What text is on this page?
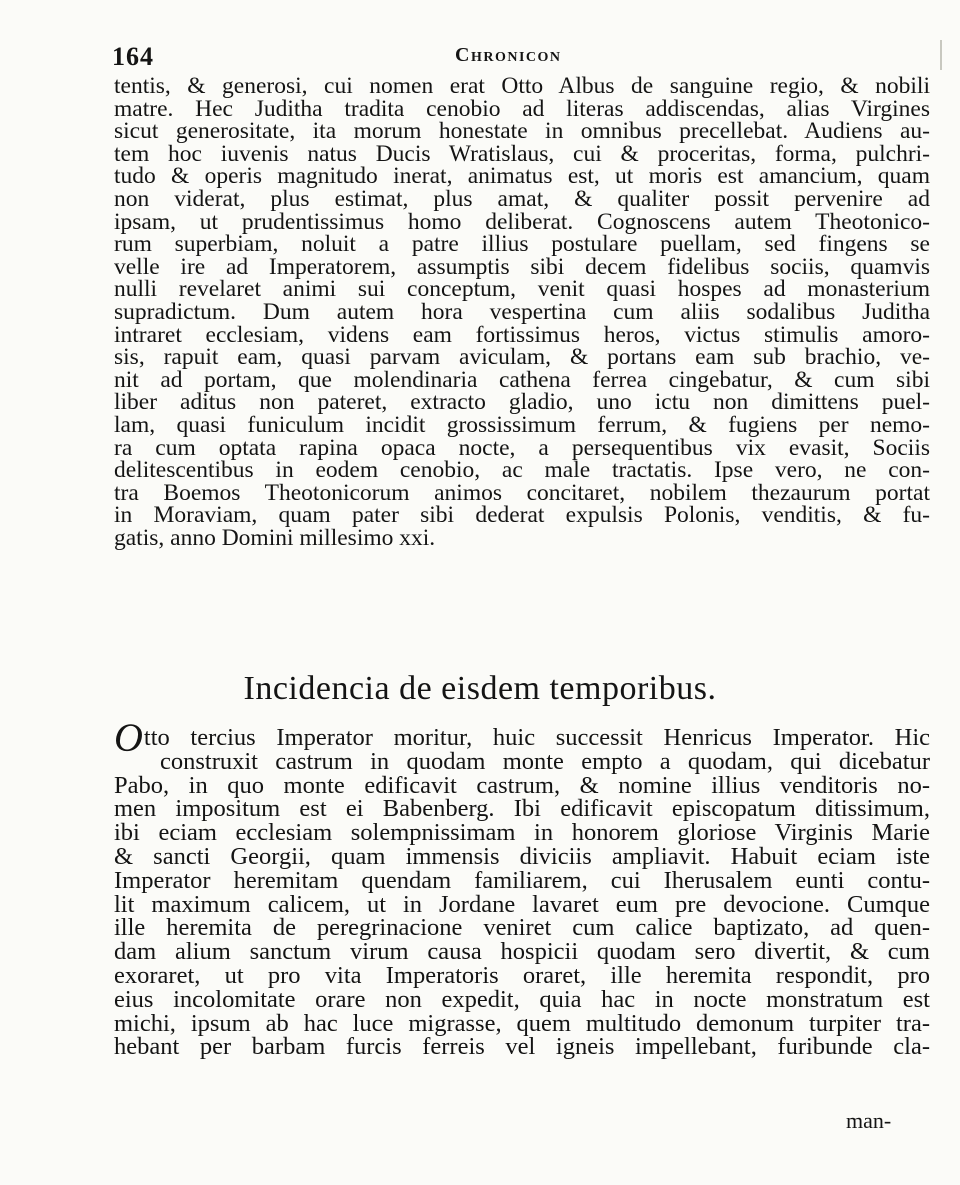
164	Chronicon
tentis, & generosi, cui nomen erat Otto Albus de sanguine regio, & nobili
matre. Hec Juditha tradita cenobio ad literas addiscendas, alias Virgines
sicut generositate, ita morum honestate in omnibus precellebat. Audiens au-
tem hoc iuvenis natus Ducis Wratislaus, cui & proceritas, forma, pulchri-
tudo & operis magnitudo inerat, animatus est, ut moris est amancium, quam
non viderat, plus estimat, plus amat, & qualiter possit pervenire ad
ipsam, ut prudentissimus homo deliberat. Cognoscens autem Theotonico-
rum superbiam, noluit a patre illius postulare puellam, sed fingens se
velle ire ad Imperatorem, assumptis sibi decem fidelibus sociis, quamvis
nulli revelaret animi sui conceptum, venit quasi hospes ad monasterium
supradictum. Dum autem hora vespertina cum aliis sodalibus Juditha
intraret ecclesiam, videns eam fortissimus heros, victus stimulis amoro-
sis, rapuit eam, quasi parvam aviculam, & portans eam sub brachio, ve-
nit ad portam, que molendinaria cathena ferrea cingebatur, & cum sibi
liber aditus non pateret, extracto gladio, uno ictu non dimittens puel-
lam, quasi funiculum incidit grossissimum ferrum, & fugiens per nemo-
ra cum optata rapina opaca nocte, a persequentibus vix evasit, Sociis
delitescentibus in eodem cenobio, ac male tractatis. Ipse vero, ne con-
tra Boemos Theotonicorum animos concitaret, nobilem thezaurum portat
in Moraviam, quam pater sibi dederat expulsis Polonis, venditis, & fu-
gatis, anno Domini millesimo xxi.
Incidencia de eisdem temporibus.
Otto tercius Imperator moritur, huic successit Henricus Imperator. Hic
construxit castrum in quodam monte empto a quodam, qui dicebatur
Pabo, in quo monte edificavit castrum, & nomine illius venditoris no-
men impositum est ei Babenberg. Ibi edificavit episcopatum ditissimum,
ibi eciam ecclesiam solempnissimam in honorem gloriose Virginis Marie
& sancti Georgii, quam immensis diviciis ampliavit. Habuit eciam iste
Imperator heremitam quendam familiarem, cui Iherusalem eunti contu-
lit maximum calicem, ut in Jordane lavaret eum pre devocione. Cumque
ille heremita de peregrinacione veniret cum calice baptizato, ad quen-
dam alium sanctum virum causa hospicii quodam sero divertit, & cum
exoraret, ut pro vita Imperatoris oraret, ille heremita respondit, pro
eius incolomitate orare non expedit, quia hac in nocte monstratum est
michi, ipsum ab hac luce migrasse, quem multitudo demonum turpiter tra-
hebant per barbam furcis ferreis vel igneis impellebant, furibunde cla-
man-
